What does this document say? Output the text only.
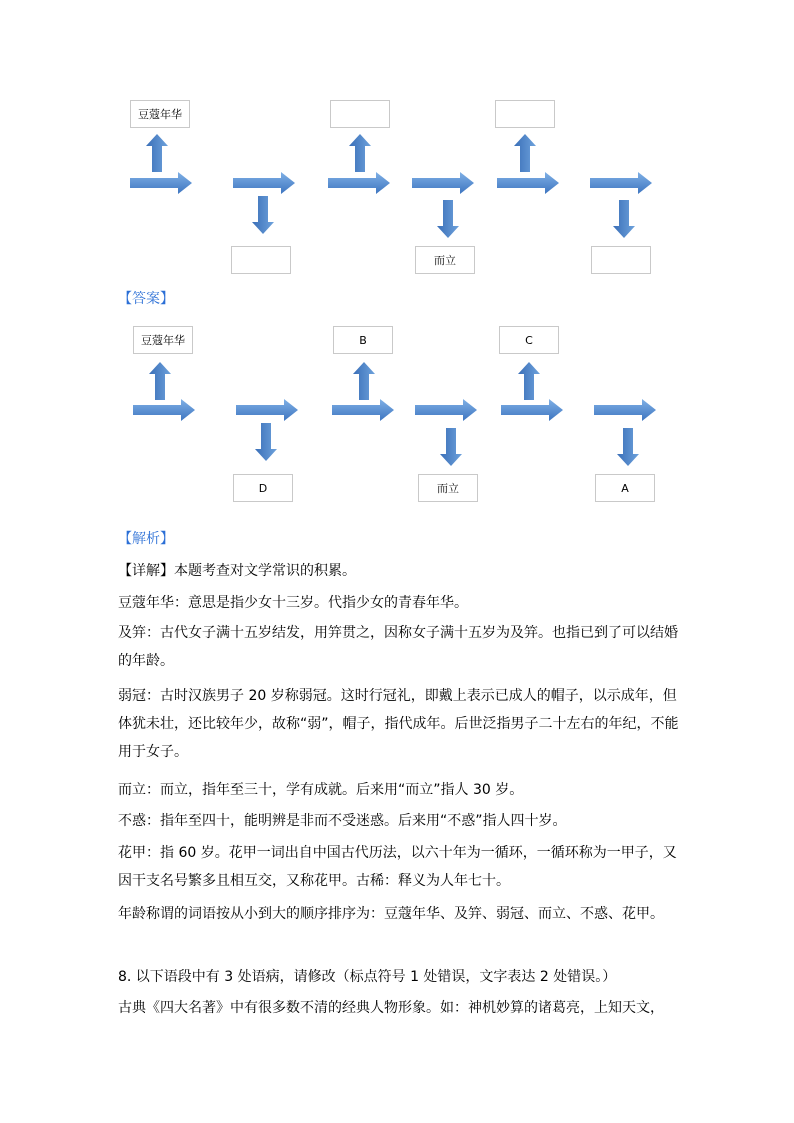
豆蔻年华
而立

【答案】

豆蔻年华	B	C
D	而立	A

【解析】

【详解】本题考查对文学常识的积累。

豆蔻年华：意思是指少女十三岁。代指少女的青春年华。

及笄：古代女子满十五岁结发，用笄贯之，因称女子满十五岁为及笄。也指已到了可以结婚的年龄。

弱冠：古时汉族男子 20 岁称弱冠。这时行冠礼，即戴上表示已成人的帽子，以示成年，但体犹未壮，还比较年少，故称“弱”，帽子，指代成年。后世泛指男子二十左右的年纪，不能用于女子。

而立：而立，指年至三十，学有成就。后来用“而立”指人 30 岁。

不惑：指年至四十，能明辨是非而不受迷惑。后来用“不惑”指人四十岁。

花甲：指 60 岁。花甲一词出自中国古代历法，以六十年为一循环，一循环称为一甲子，又因干支名号繁多且相互交，又称花甲。古稀：释义为人年七十。

年龄称谓的词语按从小到大的顺序排序为：豆蔻年华、及笄、弱冠、而立、不惑、花甲。

8. 以下语段中有 3 处语病，请修改（标点符号 1 处错误，文字表达 2 处错误。）

古典《四大名著》中有很多数不清的经典人物形象。如：神机妙算的诸葛亮，上知天文，
